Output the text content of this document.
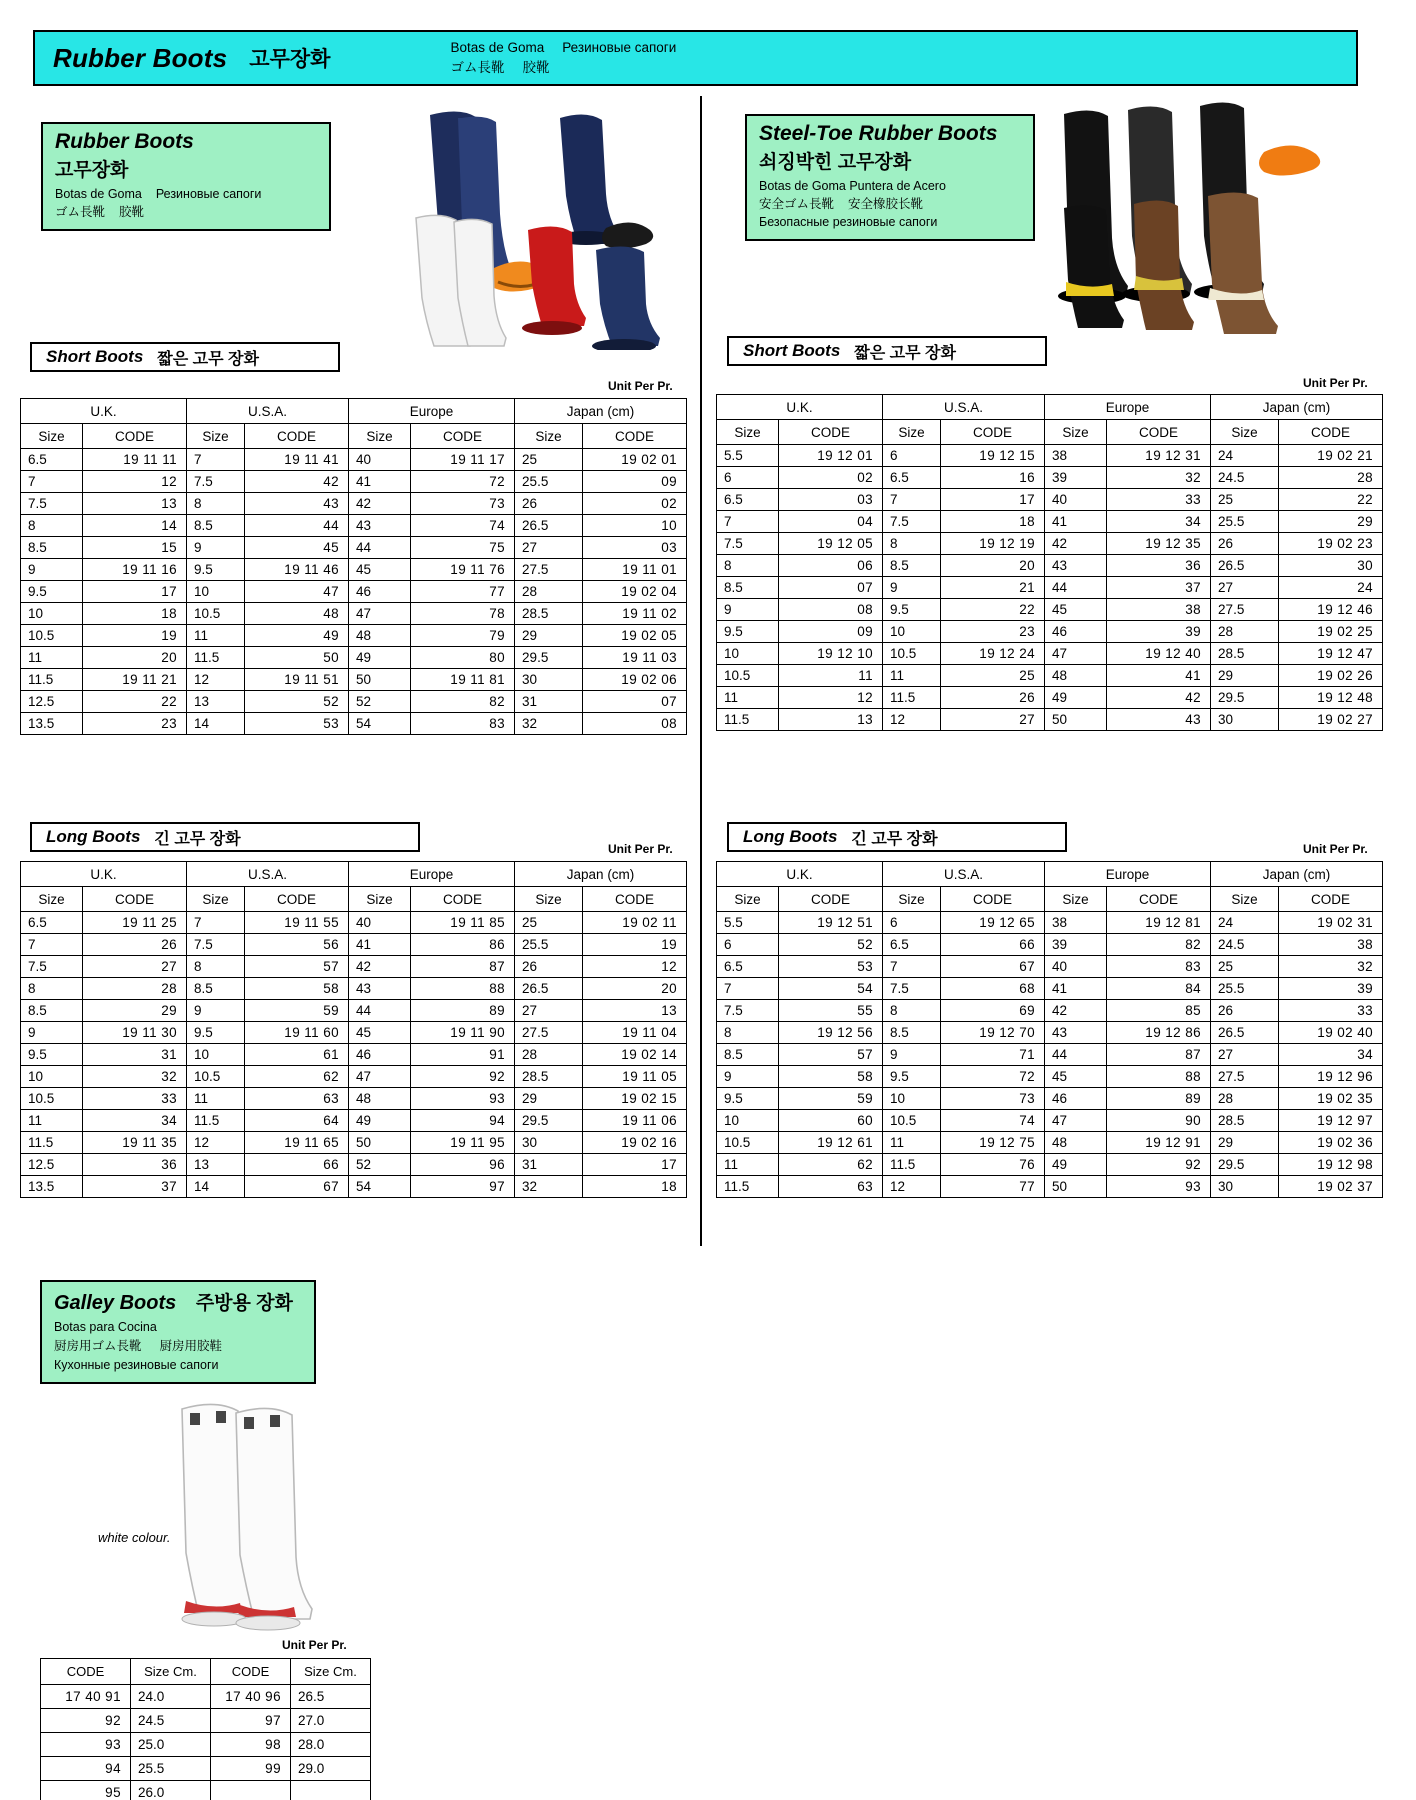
Rubber Boots 고무장화
Botas de Goma Резиновые сапоги
ゴム長靴 胶靴
Rubber Boots
고무장화
Botas de Goma Резиновые сапоги
ゴム長靴 胶靴
Steel-Toe Rubber Boots
쇠징박힌 고무장화
Botas de Goma Puntera de Acero
安全ゴム長靴 安全橡胶长靴
Безопасные резиновые сапоги
Short Boots 짧은 고무 장화
Unit Per Pr.
U.K.		U.S.A.		Europe		Japan (cm)	
Size	CODE	Size	CODE	Size	CODE	Size	CODE
6.5	19 11 11	7	19 11 41	40	19 11 17	25	19 02 01
7	12	7.5	42	41	72	25.5	09
7.5	13	8	43	42	73	26	02
8	14	8.5	44	43	74	26.5	10
8.5	15	9	45	44	75	27	03
9	19 11 16	9.5	19 11 46	45	19 11 76	27.5	19 11 01
9.5	17	10	47	46	77	28	19 02 04
10	18	10.5	48	47	78	28.5	19 11 02
10.5	19	11	49	48	79	29	19 02 05
11	20	11.5	50	49	80	29.5	19 11 03
11.5	19 11 21	12	19 11 51	50	19 11 81	30	19 02 06
12.5	22	13	52	52	82	31	07
13.5	23	14	53	54	83	32	08
Short Boots 짧은 고무 장화
Unit Per Pr.
U.K.		U.S.A.		Europe		Japan (cm)	
Size	CODE	Size	CODE	Size	CODE	Size	CODE
5.5	19 12 01	6	19 12 15	38	19 12 31	24	19 02 21
6	02	6.5	16	39	32	24.5	28
6.5	03	7	17	40	33	25	22
7	04	7.5	18	41	34	25.5	29
7.5	19 12 05	8	19 12 19	42	19 12 35	26	19 02 23
8	06	8.5	20	43	36	26.5	30
8.5	07	9	21	44	37	27	24
9	08	9.5	22	45	38	27.5	19 12 46
9.5	09	10	23	46	39	28	19 02 25
10	19 12 10	10.5	19 12 24	47	19 12 40	28.5	19 12 47
10.5	11	11	25	48	41	29	19 02 26
11	12	11.5	26	49	42	29.5	19 12 48
11.5	13	12	27	50	43	30	19 02 27
Long Boots 긴 고무 장화
Unit Per Pr.
U.K.		U.S.A.		Europe		Japan (cm)	
Size	CODE	Size	CODE	Size	CODE	Size	CODE
6.5	19 11 25	7	19 11 55	40	19 11 85	25	19 02 11
7	26	7.5	56	41	86	25.5	19
7.5	27	8	57	42	87	26	12
8	28	8.5	58	43	88	26.5	20
8.5	29	9	59	44	89	27	13
9	19 11 30	9.5	19 11 60	45	19 11 90	27.5	19 11 04
9.5	31	10	61	46	91	28	19 02 14
10	32	10.5	62	47	92	28.5	19 11 05
10.5	33	11	63	48	93	29	19 02 15
11	34	11.5	64	49	94	29.5	19 11 06
11.5	19 11 35	12	19 11 65	50	19 11 95	30	19 02 16
12.5	36	13	66	52	96	31	17
13.5	37	14	67	54	97	32	18
Long Boots 긴 고무 장화
Unit Per Pr.
U.K.		U.S.A.		Europe		Japan (cm)	
Size	CODE	Size	CODE	Size	CODE	Size	CODE
5.5	19 12 51	6	19 12 65	38	19 12 81	24	19 02 31
6	52	6.5	66	39	82	24.5	38
6.5	53	7	67	40	83	25	32
7	54	7.5	68	41	84	25.5	39
7.5	55	8	69	42	85	26	33
8	19 12 56	8.5	19 12 70	43	19 12 86	26.5	19 02 40
8.5	57	9	71	44	87	27	34
9	58	9.5	72	45	88	27.5	19 12 96
9.5	59	10	73	46	89	28	19 02 35
10	60	10.5	74	47	90	28.5	19 12 97
10.5	19 12 61	11	19 12 75	48	19 12 91	29	19 02 36
11	62	11.5	76	49	92	29.5	19 12 98
11.5	63	12	77	50	93	30	19 02 37
Galley Boots 주방용 장화
Botas para Cocina
厨房用ゴム長靴 厨房用胶鞋
Кухонные резиновые сапоги
white colour.
Unit Per Pr.
CODE	Size Cm.	CODE	Size Cm.
17 40 91	24.0	17 40 96	26.5
92	24.5	97	27.0
93	25.0	98	28.0
94	25.5	99	29.0
95	26.0		
